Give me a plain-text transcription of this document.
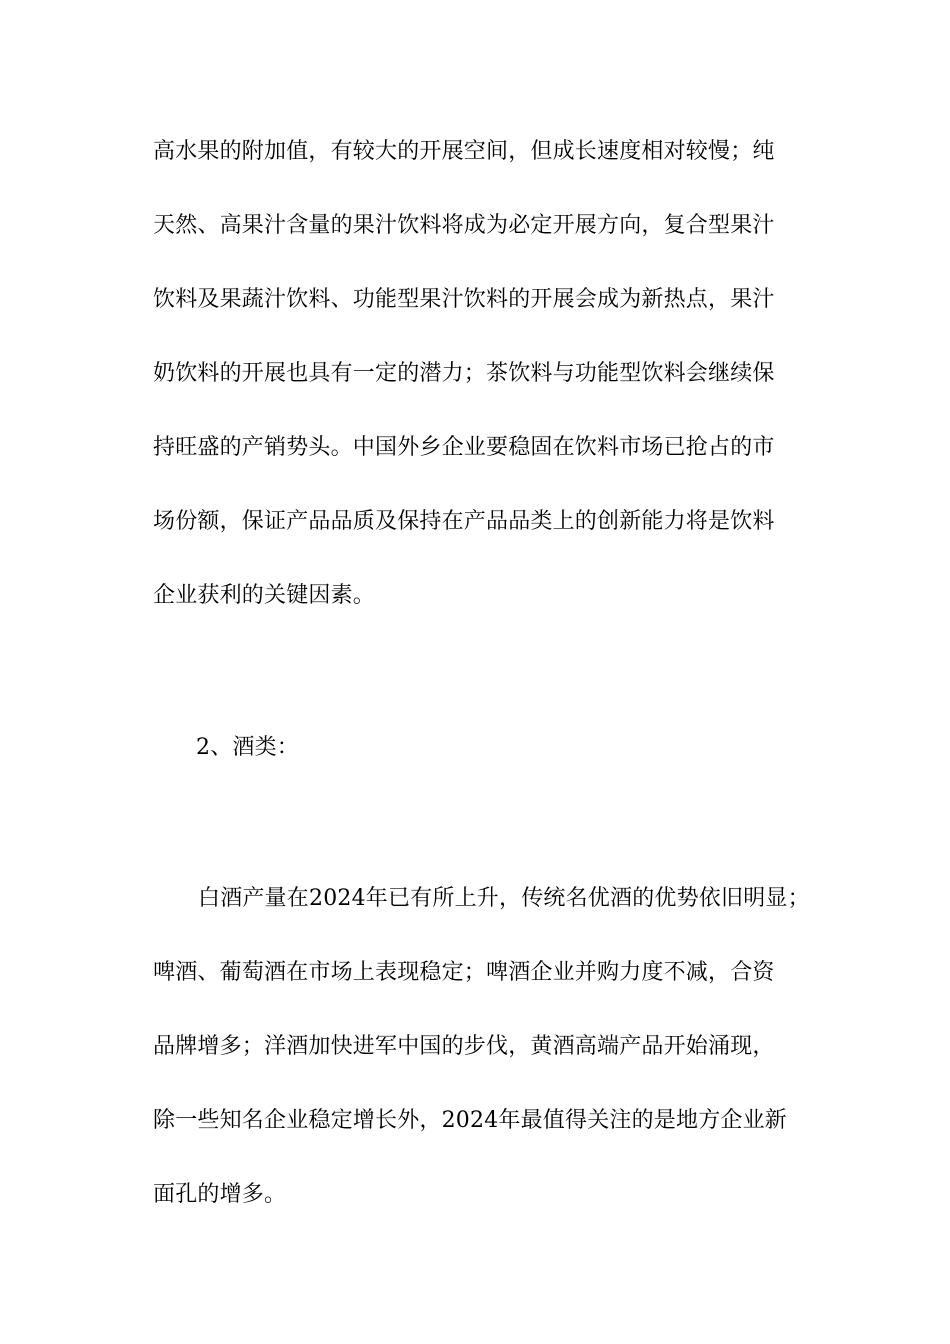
高水果的附加值，有较大的开展空间，但成长速度相对较慢；纯
天然、高果汁含量的果汁饮料将成为必定开展方向，复合型果汁
饮料及果蔬汁饮料、功能型果汁饮料的开展会成为新热点，果汁
奶饮料的开展也具有一定的潜力；茶饮料与功能型饮料会继续保
持旺盛的产销势头。中国外乡企业要稳固在饮料市场已抢占的市
场份额，保证产品品质及保持在产品品类上的创新能力将是饮料
企业获利的关键因素。
2、酒类：
白酒产量在2024年已有所上升，传统名优酒的优势依旧明显；
啤酒、葡萄酒在市场上表现稳定；啤酒企业并购力度不减，合资
品牌增多；洋酒加快进军中国的步伐，黄酒高端产品开始涌现，
除一些知名企业稳定增长外，2024年最值得关注的是地方企业新
面孔的增多。
